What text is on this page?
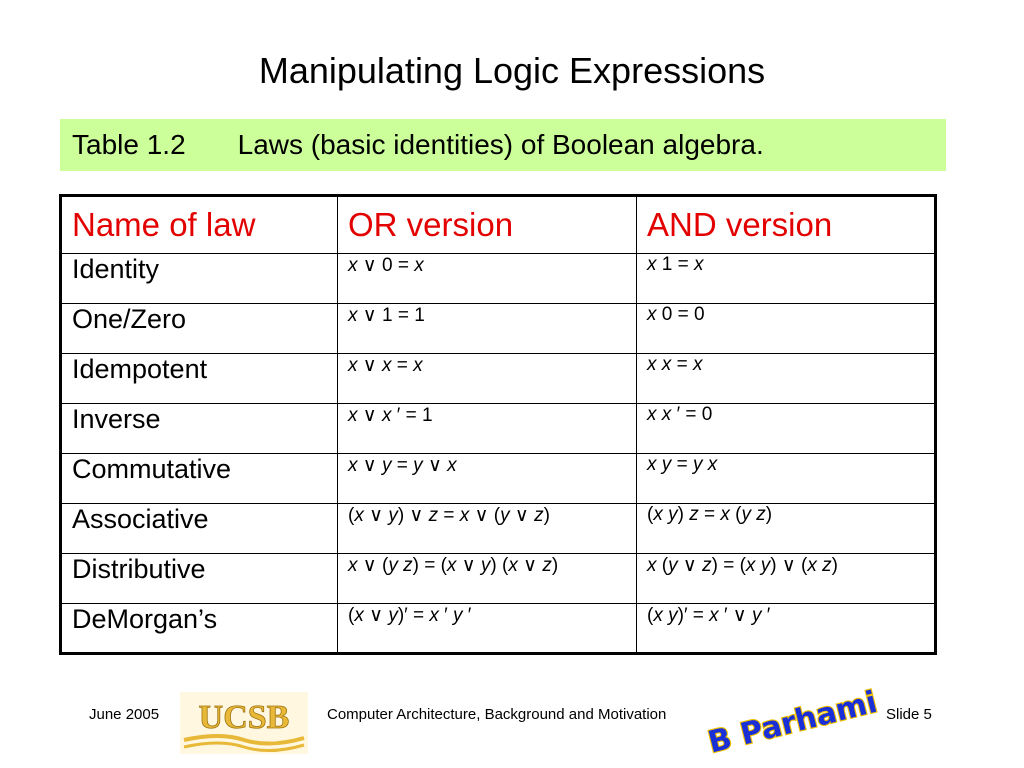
Manipulating Logic Expressions
Table 1.2 Laws (basic identities) of Boolean algebra.
Name of law	OR version	AND version
Identity	x ∨ 0 = x	x 1 = x
One/Zero	x ∨ 1 = 1	x 0 = 0
Idempotent	x ∨ x = x	x x = x
Inverse	x ∨ x ′ = 1	x x ′ = 0
Commutative	x ∨ y = y ∨ x	x y = y x
Associative	(x ∨ y) ∨ z = x ∨ (y ∨ z)	(x y) z = x (y z)
Distributive	x ∨ (y z) = (x ∨ y) (x ∨ z)	x (y ∨ z) = (x y) ∨ (x z)
DeMorgan’s	(x ∨ y)′ = x ′ y ′	(x y)′ = x ′ ∨ y ′
June 2005 UCSB	Computer Architecture, Background and Motivation B Parhami Slide 5
